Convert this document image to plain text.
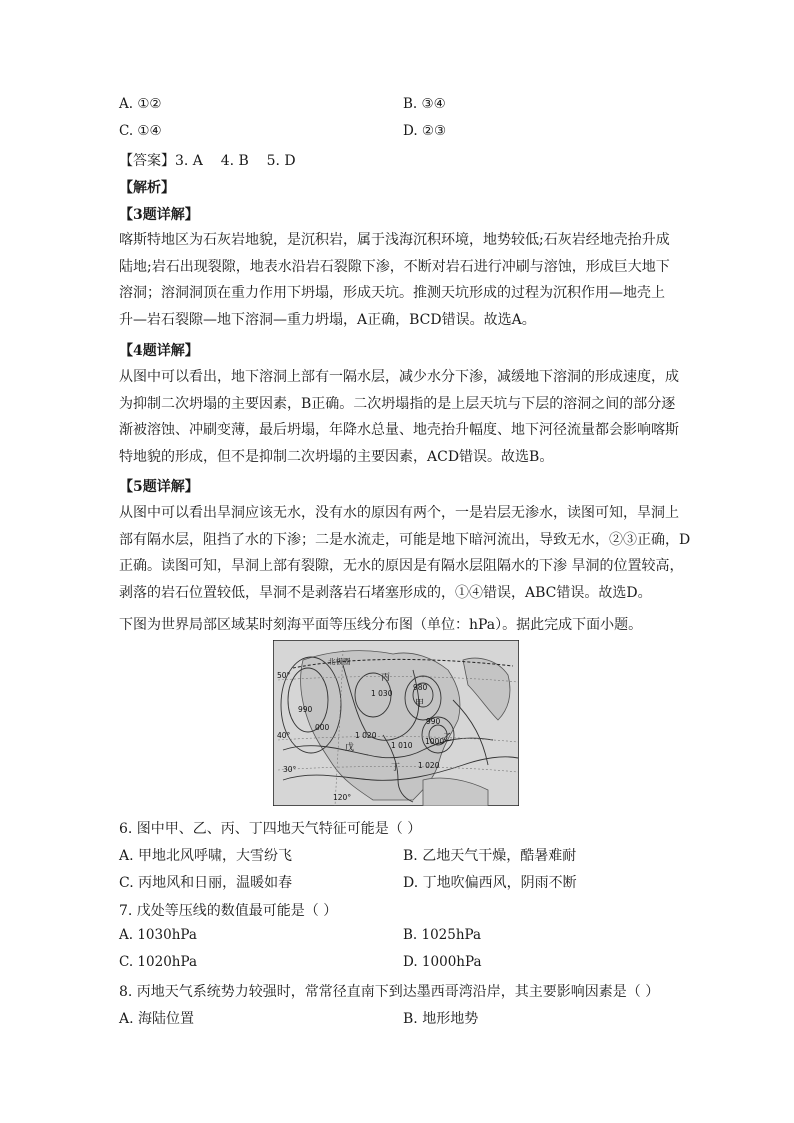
A. ①②	B. ③④
C. ①④	D. ②③
【答案】3. A    4. B    5. D
【解析】
【3题详解】
喀斯特地区为石灰岩地貌，是沉积岩，属于浅海沉积环境，地势较低;石灰岩经地壳抬升成
陆地;岩石出现裂隙，地表水沿岩石裂隙下渗，不断对岩石进行冲刷与溶蚀，形成巨大地下
溶洞；溶洞洞顶在重力作用下坍塌，形成天坑。推测天坑形成的过程为沉积作用—地壳上
升—岩石裂隙—地下溶洞—重力坍塌，A正确，BCD错误。故选A。
【4题详解】
从图中可以看出，地下溶洞上部有一隔水层，减少水分下渗，减缓地下溶洞的形成速度，成
为抑制二次坍塌的主要因素，B正确。二次坍塌指的是上层天坑与下层的溶洞之间的部分逐
渐被溶蚀、冲刷变薄，最后坍塌，年降水总量、地壳抬升幅度、地下河径流量都会影响喀斯
特地貌的形成，但不是抑制二次坍塌的主要因素，ACD错误。故选B。
【5题详解】
从图中可以看出旱洞应该无水，没有水的原因有两个，一是岩层无渗水，读图可知，旱洞上
部有隔水层，阻挡了水的下渗；二是水流走，可能是地下暗河流出，导致无水，②③正确，D
正确。读图可知，旱洞上部有裂隙，无水的原因是有隔水层阻隔水的下渗 旱洞的位置较高，
剥落的岩石位置较低，旱洞不是剥落岩石堵塞形成的，①④错误，ABC错误。故选D。
下图为世界局部区域某时刻海平面等压线分布图（单位：hPa）。据此完成下面小题。
北极圈
丙
1 030
990
000
980
甲
990
1 020
戊	1 010 1000
乙
1 020
丁
50°
40°
30°
120°
6. 图中甲、乙、丙、丁四地天气特征可能是（ ）
A. 甲地北风呼啸，大雪纷飞	B. 乙地天气干燥，酷暑难耐
C. 丙地风和日丽，温暖如春	D. 丁地吹偏西风，阴雨不断
7. 戊处等压线的数值最可能是（ ）
A. 1030hPa	B. 1025hPa
C. 1020hPa	D. 1000hPa
8. 丙地天气系统势力较强时，常常径直南下到达墨西哥湾沿岸，其主要影响因素是（ ）
A. 海陆位置	B. 地形地势
